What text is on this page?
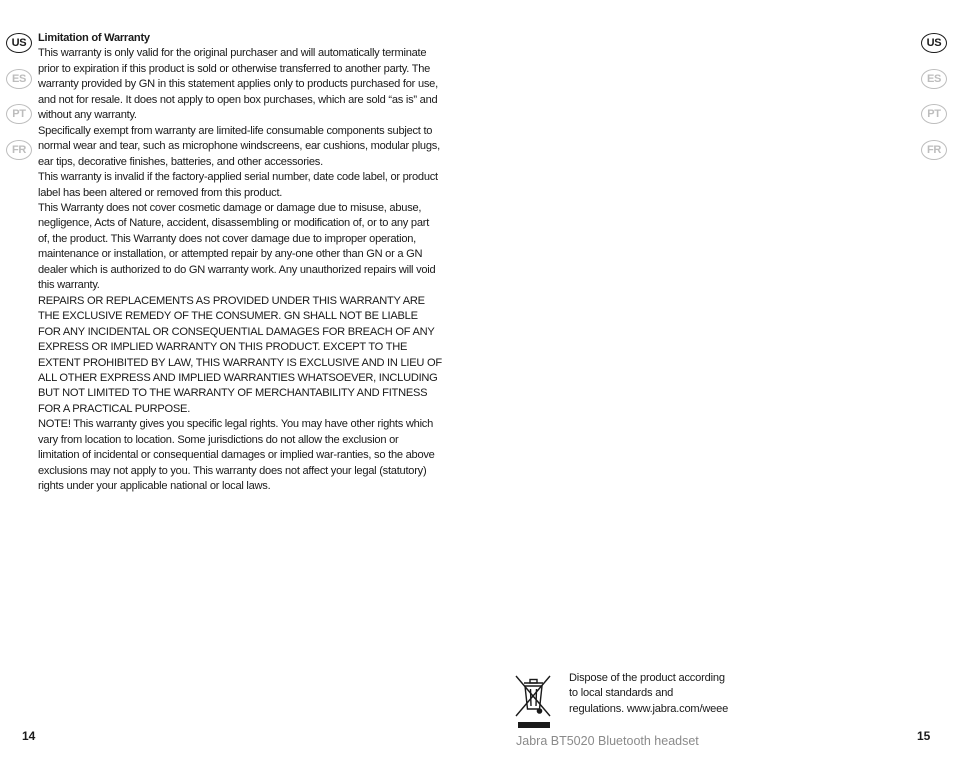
US
ES
PT
FR
US
ES
PT
FR
Limitation of Warranty

This warranty is only valid for the original purchaser and will automatically terminate prior to expiration if this product is sold or otherwise transferred to another party. The warranty provided by GN in this statement applies only to products purchased for use, and not for resale. It does not apply to open box purchases, which are sold “as is” and without any warranty.

Specifically exempt from warranty are limited-life consumable components subject to normal wear and tear, such as microphone windscreens, ear cushions, modular plugs, ear tips, decorative finishes, batteries, and other accessories.

This warranty is invalid if the factory-applied serial number, date code label, or product label has been altered or removed from this product.

This Warranty does not cover cosmetic damage or damage due to misuse, abuse, negligence, Acts of Nature, accident, disassembling or modification of, or to any part of, the product. This Warranty does not cover damage due to improper operation, maintenance or installation, or attempted repair by any-one other than GN or a GN dealer which is authorized to do GN warranty work. Any unauthorized repairs will void this warranty.

REPAIRS OR REPLACEMENTS AS PROVIDED UNDER THIS WARRANTY ARE THE EXCLUSIVE REMEDY OF THE CONSUMER. GN SHALL NOT BE LIABLE FOR ANY INCIDENTAL OR CONSEQUENTIAL DAMAGES FOR BREACH OF ANY EXPRESS OR IMPLIED WARRANTY ON THIS PRODUCT. EXCEPT TO THE EXTENT PROHIBITED BY LAW, THIS WARRANTY IS EXCLUSIVE AND IN LIEU OF ALL OTHER EXPRESS AND IMPLIED WARRANTIES WHATSOEVER, INCLUDING BUT NOT LIMITED TO THE WARRANTY OF MERCHANTABILITY AND FITNESS FOR A PRACTICAL PURPOSE.

NOTE! This warranty gives you specific legal rights. You may have other rights which vary from location to location. Some jurisdictions do not allow the exclusion or limitation of incidental or consequential damages or implied war-ranties, so the above exclusions may not apply to you. This warranty does not affect your legal (statutory) rights under your applicable national or local laws.

Dispose of the product according to local standards and regulations. www.jabra.com/weee
Jabra BT5020 Bluetooth headset
14	15
